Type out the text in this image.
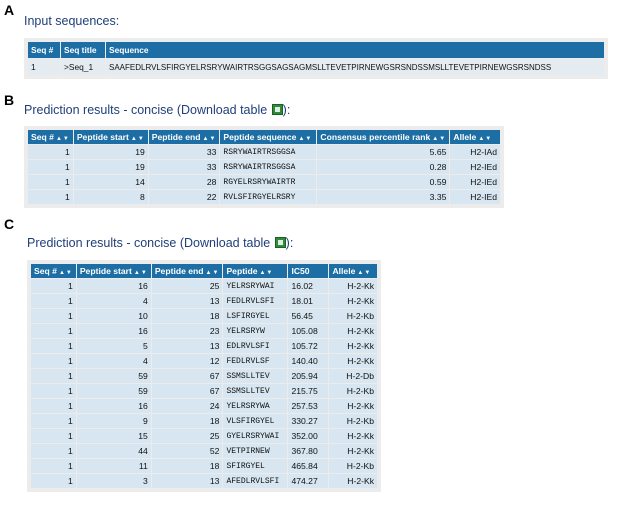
A
Input sequences:
Seq #	Seq title	Sequence
1	>Seq_1	SAAFEDLRVLSFIRGYELRSRYWAIRTRSGGSAGSAGMSLLTEVETPIRNEWGSRSNDSSMSLLTEVETPIRNEWGSRSNDSS
B
Prediction results - concise (Download table ):
Seq # ▲▼	Peptide start ▲▼	Peptide end ▲▼	Peptide sequence ▲▼	Consensus percentile rank ▲▼	Allele ▲▼
1	19	33	RSRYWAIRTRSGGSA	5.65	H2-IAd
1	19	33	RSRYWAIRTRSGGSA	0.28	H2-IEd
1	14	28	RGYELRSRYWAIRTR	0.59	H2-IEd
1	8	22	RVLSFIRGYELRSRY	3.35	H2-IEd
C
Prediction results - concise (Download table ):
Seq # ▲▼	Peptide start ▲▼	Peptide end ▲▼	Peptide ▲▼	IC50	Allele ▲▼
1	16	25	YELRSRYWAI	16.02	H-2-Kk
1	4	13	FEDLRVLSFI	18.01	H-2-Kk
1	10	18	LSFIRGYEL	56.45	H-2-Kb
1	16	23	YELRSRYW	105.08	H-2-Kk
1	5	13	EDLRVLSFI	105.72	H-2-Kk
1	4	12	FEDLRVLSF	140.40	H-2-Kk
1	59	67	SSMSLLTEV	205.94	H-2-Db
1	59	67	SSMSLLTEV	215.75	H-2-Kb
1	16	24	YELRSRYWA	257.53	H-2-Kk
1	9	18	VLSFIRGYEL	330.27	H-2-Kb
1	15	25	GYELRSRYWAI	352.00	H-2-Kk
1	44	52	VETPIRNEW	367.80	H-2-Kk
1	11	18	SFIRGYEL	465.84	H-2-Kb
1	3	13	AFEDLRVLSFI	474.27	H-2-Kk
